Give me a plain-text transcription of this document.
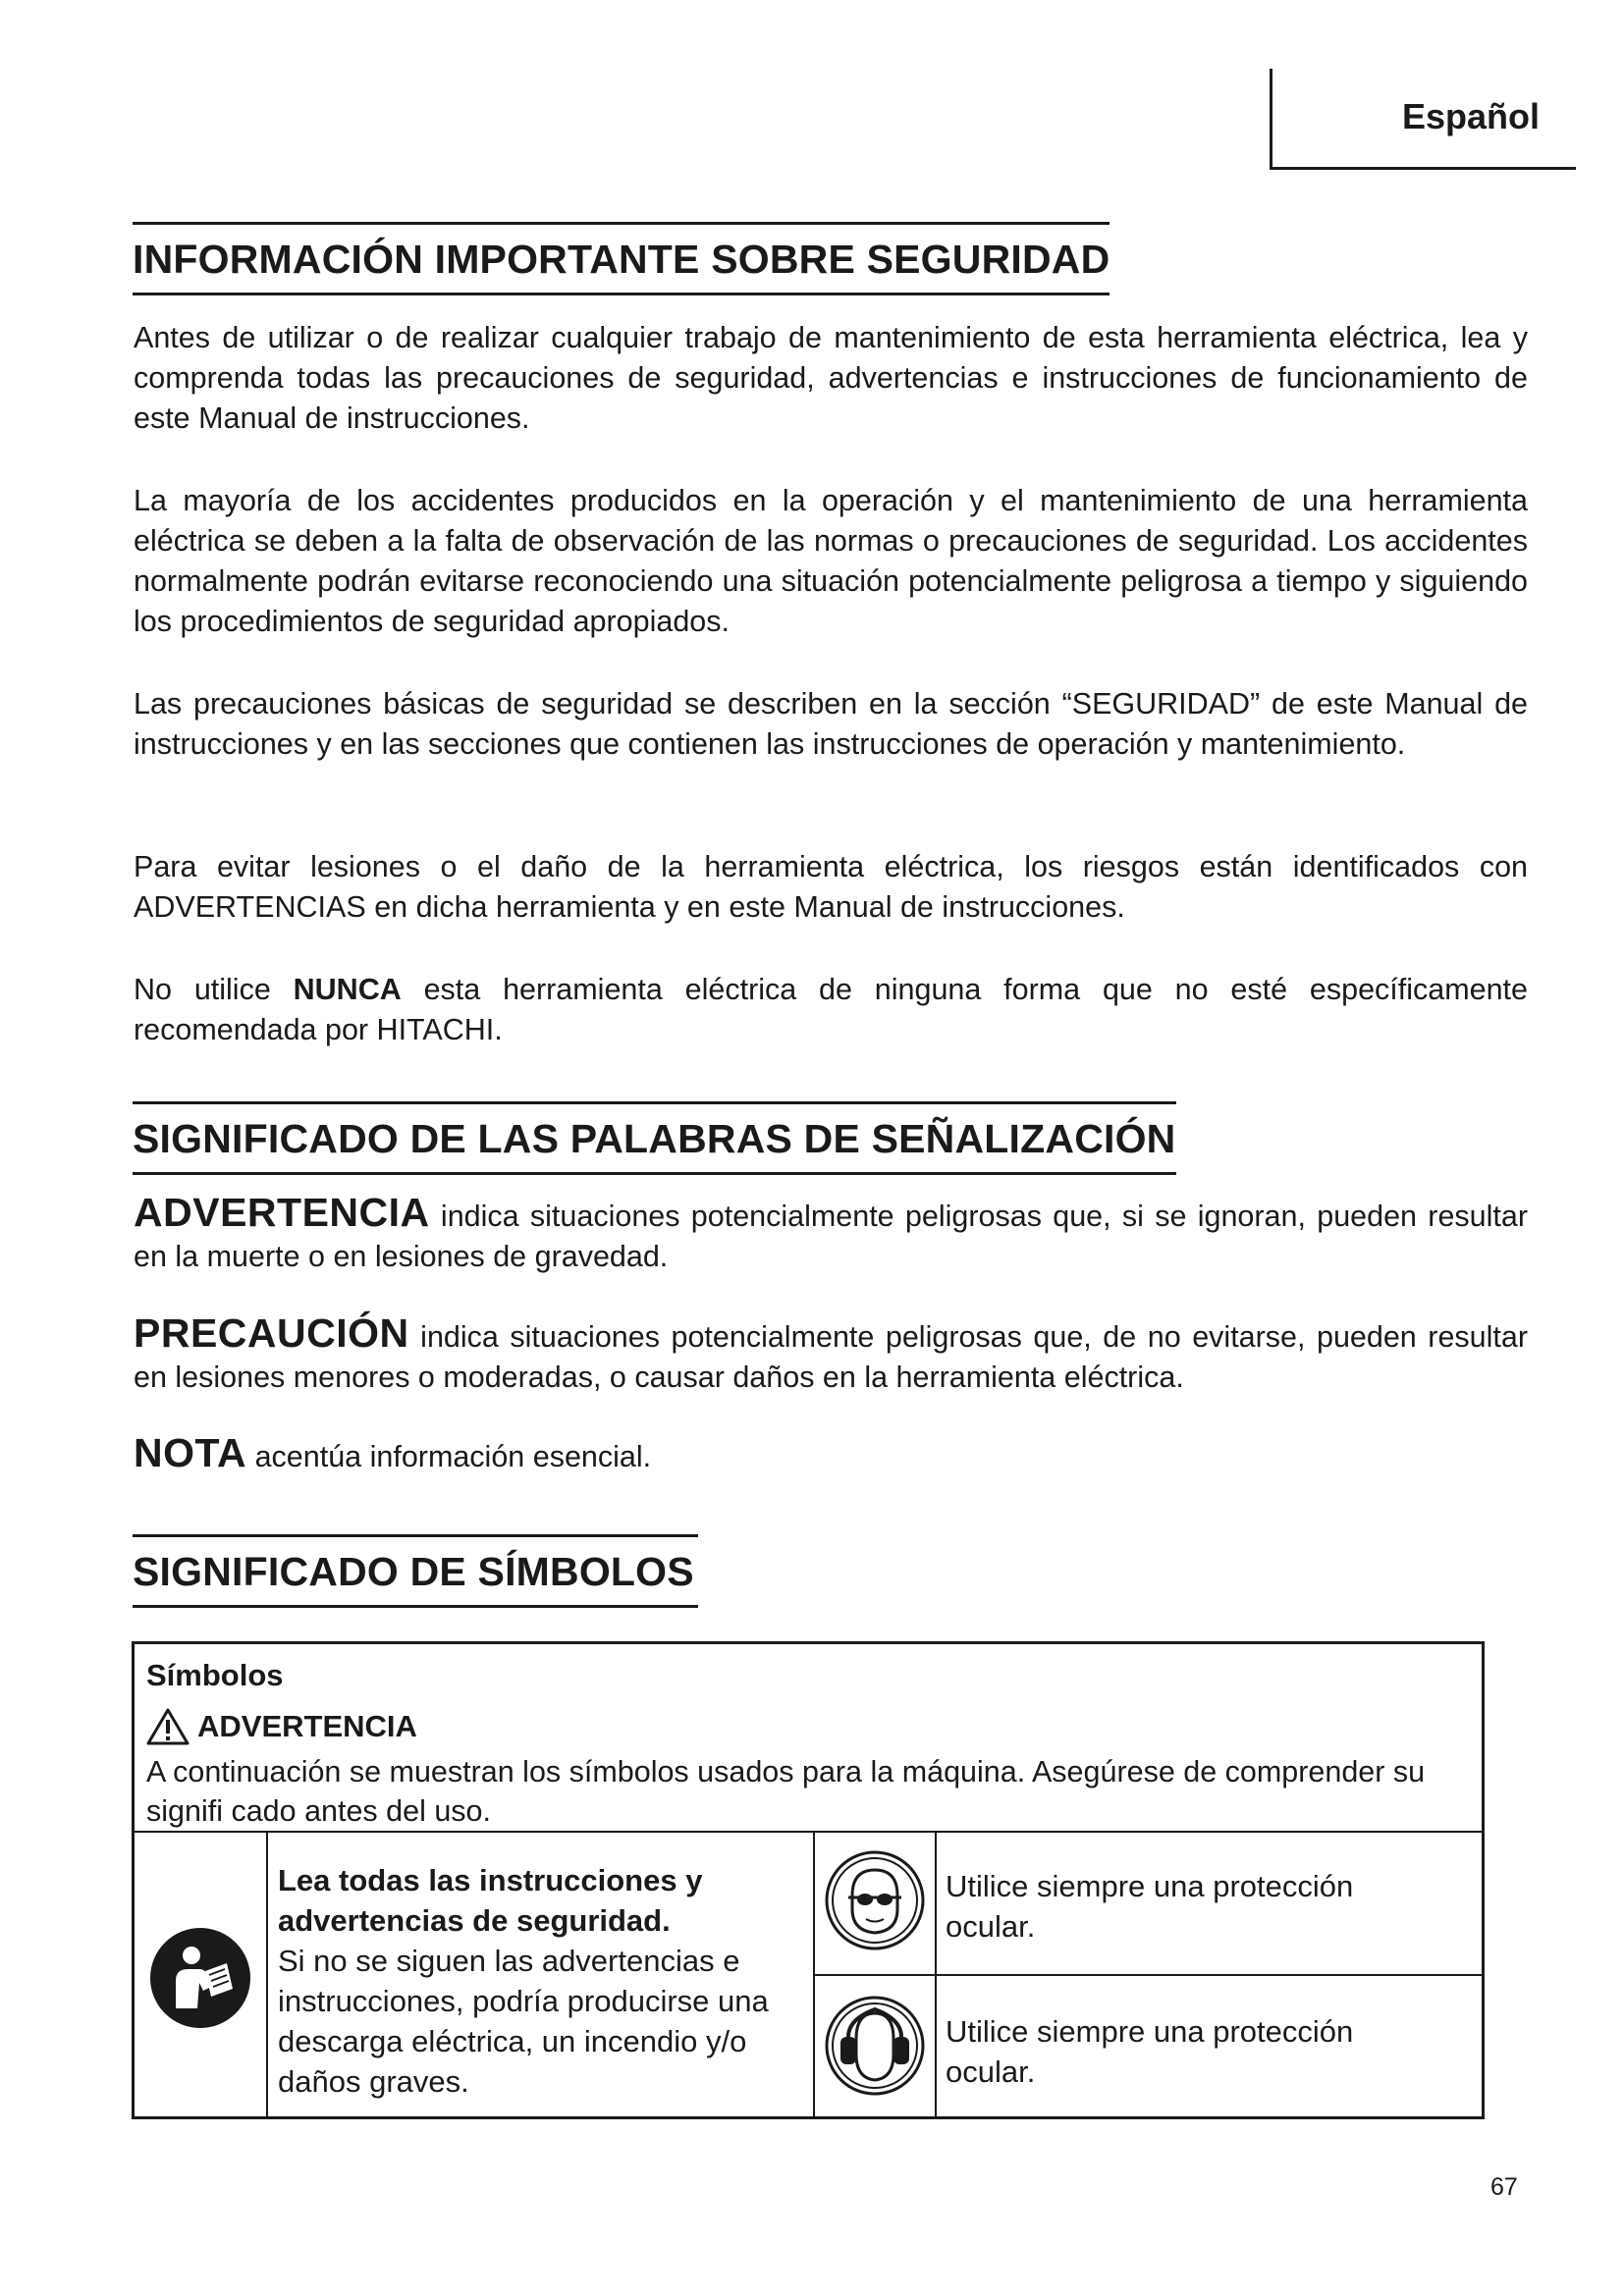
Español
INFORMACIÓN IMPORTANTE SOBRE SEGURIDAD

Antes de utilizar o de realizar cualquier trabajo de mantenimiento de esta herramienta eléctrica, lea y comprenda todas las precauciones de seguridad, advertencias e instrucciones de funcionamiento de este Manual de instrucciones.

La mayoría de los accidentes producidos en la operación y el mantenimiento de una herramienta eléctrica se deben a la falta de observación de las normas o precauciones de seguridad. Los accidentes normalmente podrán evitarse reconociendo una situación potencialmente peligrosa a tiempo y siguiendo los procedimientos de seguridad apropiados.

Las precauciones básicas de seguridad se describen en la sección “SEGURIDAD” de este Manual de instrucciones y en las secciones que contienen las instrucciones de operación y mantenimiento.

Para evitar lesiones o el daño de la herramienta eléctrica, los riesgos están identificados con ADVERTENCIAS en dicha herramienta y en este Manual de instrucciones.

No utilice NUNCA esta herramienta eléctrica de ninguna forma que no esté específicamente recomendada por HITACHI.

SIGNIFICADO DE LAS PALABRAS DE SEÑALIZACIÓN

ADVERTENCIA indica situaciones potencialmente peligrosas que, si se ignoran, pueden resultar en la muerte o en lesiones de gravedad.

PRECAUCIÓN indica situaciones potencialmente peligrosas que, de no evitarse, pueden resultar en lesiones menores o moderadas, o causar daños en la herramienta eléctrica.

NOTA acentúa información esencial.

SIGNIFICADO DE SÍMBOLOS
Símbolos
ADVERTENCIA

A continuación se muestran los símbolos usados para la máquina. Asegúrese de comprender su signifi cado antes del uso.

Lea todas las instrucciones y advertencias de seguridad.
Si no se siguen las advertencias e instrucciones, podría producirse una descarga eléctrica, un incendio y/o daños graves.

Utilice siempre una protección ocular.

Utilice siempre una protección ocular.

67
